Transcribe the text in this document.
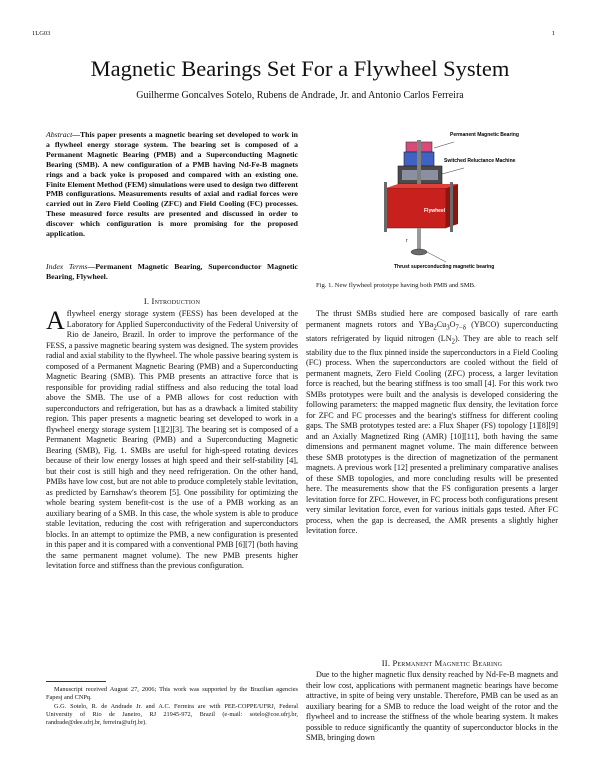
1LG03	1
Magnetic Bearings Set For a Flywheel System
Guilherme Goncalves Sotelo, Rubens de Andrade, Jr. and Antonio Carlos Ferreira
Abstract—This paper presents a magnetic bearing set developed to work in a flywheel energy storage system. The bearing set is composed of a Permanent Magnetic Bearing (PMB) and a Superconducting Magnetic Bearing (SMB). A new configuration of a PMB having Nd-Fe-B magnets rings and a back yoke is proposed and compared with an existing one. Finite Element Method (FEM) simulations were used to design two different PMB configurations. Measurements results of axial and radial forces were carried out in Zero Field Cooling (ZFC) and Field Cooling (FC) processes. These measured force results are presented and discussed in order to discover which configuration is more promising for the proposed application.
Index Terms—Permanent Magnetic Bearing, Superconductor Magnetic Bearing, Flywheel.
Permanent Magnetic Bearing
Switched Reluctance Machine
Flywheel
r
Thrust superconducting magnetic bearing
Fig. 1. New flywheel prototype having both PMB and SMB.
I. Introduction
Aflywheel energy storage system (FESS) has been developed at the Laboratory for Applied Superconductivity of the Federal University of Rio de Janeiro, Brazil. In order to improve the performance of the FESS, a passive magnetic bearing system was designed. The system provides radial and axial stability to the flywheel. The whole passive bearing system is composed of a Permanent Magnetic Bearing (PMB) and a Superconducting Magnetic Bearing (SMB). This PMB presents an attractive force that is responsible for providing radial stiffness and also reducing the total load above the SMB. The use of a PMB allows for cost reduction with superconductors and refrigeration, but has as a drawback a limited stability region. This paper presents a magnetic bearing set developed to work in a flywheel energy storage system [1][2][3]. The bearing set is composed of a Permanent Magnetic Bearing (PMB) and a Superconducting Magnetic Bearing (SMB), Fig. 1. SMBs are useful for high-speed rotating devices because of their low energy losses at high speed and their self-stability [4], but their cost is still high and they need refrigeration. On the other hand, PMBs have low cost, but are not able to produce completely stable levitation, as predicted by Earnshaw's theorem [5]. One possibility for optimizing the whole bearing system benefit-cost is the use of a PMB working as an auxiliary bearing of a SMB. In this case, the whole system is able to produce stable levitation, reducing the cost with refrigeration and superconductors blocks. In an attempt to optimize the PMB, a new configuration is presented in this paper and it is compared with a conventional PMB [6][7] (both having the same permanent magnet volume). The new PMB presents higher levitation force and stiffness than the previous configuration.

Manuscript received August 27, 2006; This work was supported by the Brazilian agencies Fapesj and CNPq.

G.G. Sotelo, R. de Andrade Jr. and A.C. Ferreira are with PEE-COPPE/UFRJ, Federal University of Rio de Janeiro, RJ 21945-972, Brazil (e-mail: sotelo@coe.ufrj.br, randrade@dee.ufrj.br, ferreira@ufrj.br).

The thrust SMBs studied here are composed basically of rare earth permanent magnets rotors and $YBa_2Cu_3O_{7-\delta}$ (YBCO) superconducting stators refrigerated by liquid nitrogen $(LN_2)$. They are able to reach self stability due to the flux pinned inside the superconductors in a Field Cooling (FC) process. When the superconductors are cooled without the field of permanent magnets, Zero Field Cooling (ZFC) process, a larger levitation force is reached, but the bearing stiffness is too small [4]. For this work two SMBs prototypes were built and the analysis is developed considering the following parameters: the mapped magnetic flux density, the levitation force for ZFC and FC processes and the bearing's stiffness for different cooling gaps. The SMB prototypes tested are: a Flux Shaper (FS) topology [1][8][9] and an Axially Magnetized Ring (AMR) [10][11], both having the same dimensions and permanent magnet volume. The main difference between these SMB prototypes is the direction of magnetization of the permanent magnets. A previous work [12] presented a preliminary comparative analises of these SMB topologies, and more concluding results will be presented here. The measurements show that the FS configuration presents a larger levitation force for ZFC. However, in FC process both configurations present very similar levitation force, even for various initials gaps tested. After FC process, when the gap is decreased, the AMR presents a slightly higher levitation force.

II. Permanent Magnetic Bearing

Due to the higher magnetic flux density reached by Nd-Fe-B magnets and their low cost, applications with permanent magnetic bearings have become attractive, in spite of being very unstable. Therefore, PMB can be used as an auxiliary bearing for a SMB to reduce the load weight of the rotor and the flywheel and to increase the stiffness of the whole bearing system. It makes possible to reduce significantly the quantity of superconductor blocks in the SMB, bringing down
